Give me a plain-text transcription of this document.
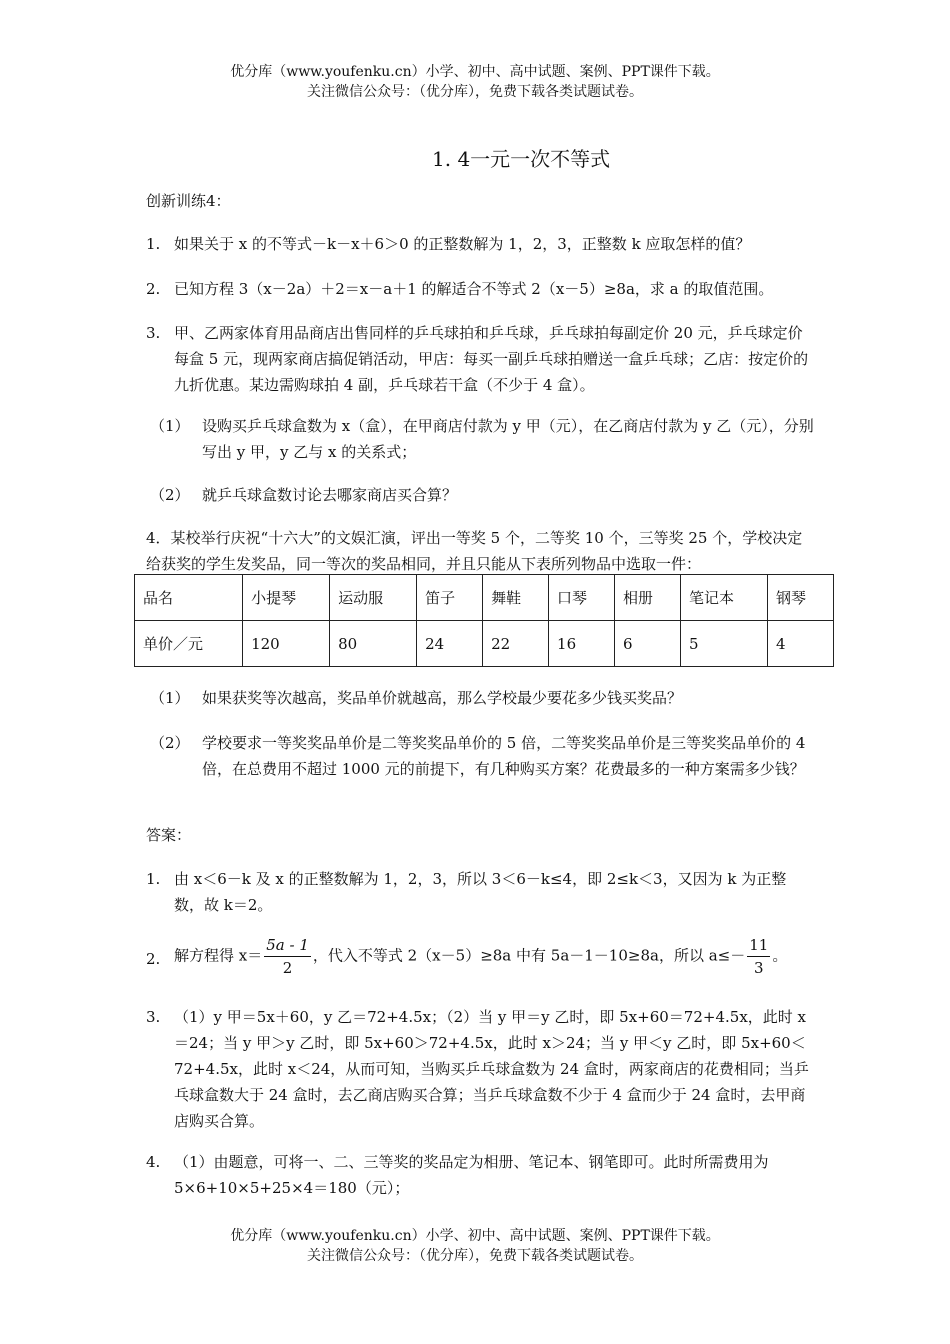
优分库（www.youfenku.cn）小学、初中、高中试题、案例、PPT课件下载。
关注微信公众号：（优分库），免费下载各类试题试卷。
1. 4一元一次不等式
创新训练4：
1. 如果关于 x 的不等式－k－x＋6＞0 的正整数解为 1，2，3，正整数 k 应取怎样的值？
2. 已知方程 3（x－2a）＋2＝x－a＋1 的解适合不等式 2（x－5）≥8a，求 a 的取值范围。
3. 甲、乙两家体育用品商店出售同样的乒乓球拍和乒乓球，乒乓球拍每副定价 20 元，乒乓球定价每盒 5 元，现两家商店搞促销活动，甲店：每买一副乒乓球拍赠送一盒乒乓球；乙店：按定价的九折优惠。某边需购球拍 4 副，乒乓球若干盒（不少于 4 盒）。
（1） 设购买乒乓球盒数为 x（盒），在甲商店付款为 y 甲（元），在乙商店付款为 y 乙（元），分别写出 y 甲，y 乙与 x 的关系式；
（2） 就乒乓球盒数讨论去哪家商店买合算？
4．某校举行庆祝“十六大”的文娱汇演，评出一等奖 5 个，二等奖 10 个，三等奖 25 个，学校决定给获奖的学生发奖品，同一等次的奖品相同，并且只能从下表所列物品中选取一件：
品名	小提琴	运动服	笛子	舞鞋	口琴	相册	笔记本	钢琴
单价／元	120	80	24	22	16	6	5	4
（1） 如果获奖等次越高，奖品单价就越高，那么学校最少要花多少钱买奖品？
（2） 学校要求一等奖奖品单价是二等奖奖品单价的 5 倍，二等奖奖品单价是三等奖奖品单价的 4 倍，在总费用不超过 1000 元的前提下，有几种购买方案？花费最多的一种方案需多少钱？
答案：
1. 由 x＜6－k 及 x 的正整数解为 1，2，3，所以 3＜6－k≤4，即 2≤k＜3，又因为 k 为正整数，故 k＝2。
2. 解方程得 $x= \frac{5a - 1}{2}$ ，代入不等式 2（x－5）≥8a 中有 5a－1－10≥8a，所以 $a\le- \frac{11}{3}$ 。
3. （1）y 甲＝5x＋60，y 乙＝72+4.5x；（2）当 y 甲＝y 乙时，即 5x+60＝72+4.5x，此时 x＝24；当 y 甲＞y 乙时，即 5x+60＞72+4.5x，此时 x＞24；当 y 甲＜y 乙时，即 5x+60＜72+4.5x，此时 x＜24，从而可知，当购买乒乓球盒数为 24 盒时，两家商店的花费相同；当乒乓球盒数大于 24 盒时，去乙商店购买合算；当乒乓球盒数不少于 4 盒而少于 24 盒时，去甲商店购买合算。
4. （1）由题意，可将一、二、三等奖的奖品定为相册、笔记本、钢笔即可。此时所需费用为 5×6+10×5+25×4＝180（元）；
优分库（www.youfenku.cn）小学、初中、高中试题、案例、PPT课件下载。
关注微信公众号：（优分库），免费下载各类试题试卷。
